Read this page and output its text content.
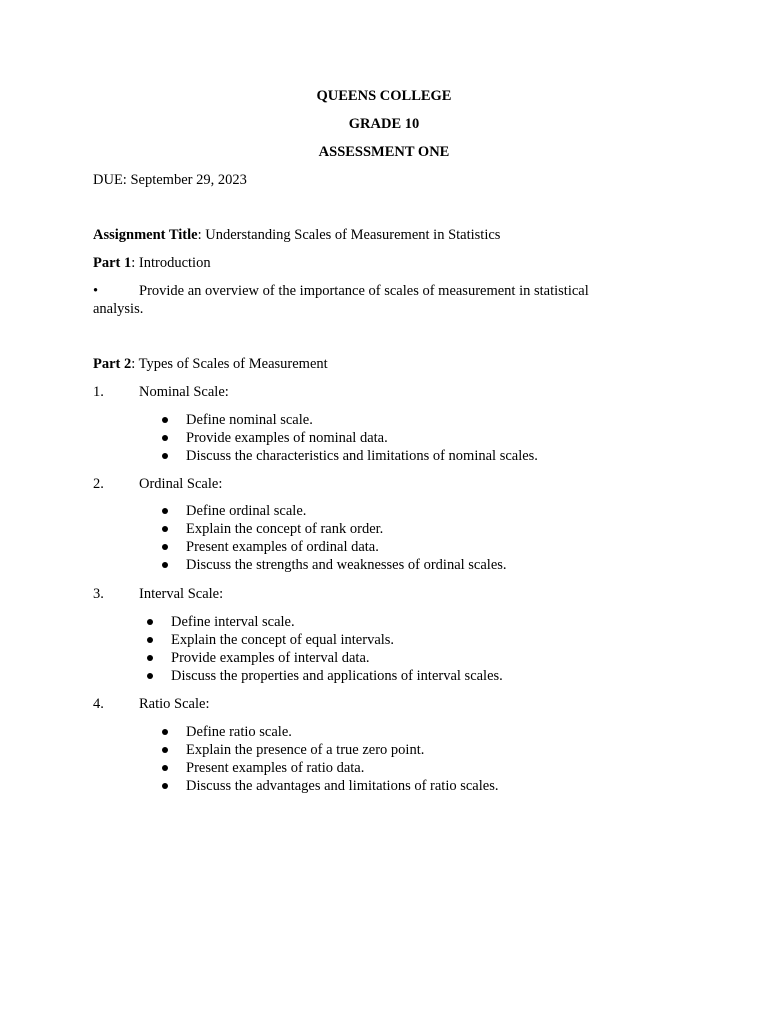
QUEENS COLLEGE
GRADE 10
ASSESSMENT ONE
DUE: September 29, 2023
Assignment Title: Understanding Scales of Measurement in Statistics
Part 1: Introduction
•	Provide an overview of the importance of scales of measurement in statistical
analysis.
Part 2: Types of Scales of Measurement
1. Nominal Scale:
Define nominal scale.
Provide examples of nominal data.
Discuss the characteristics and limitations of nominal scales.
2. Ordinal Scale:
Define ordinal scale.
Explain the concept of rank order.
Present examples of ordinal data.
Discuss the strengths and weaknesses of ordinal scales.
3. Interval Scale:
Define interval scale.
Explain the concept of equal intervals.
Provide examples of interval data.
Discuss the properties and applications of interval scales.
4. Ratio Scale:
Define ratio scale.
Explain the presence of a true zero point.
Present examples of ratio data.
Discuss the advantages and limitations of ratio scales.
